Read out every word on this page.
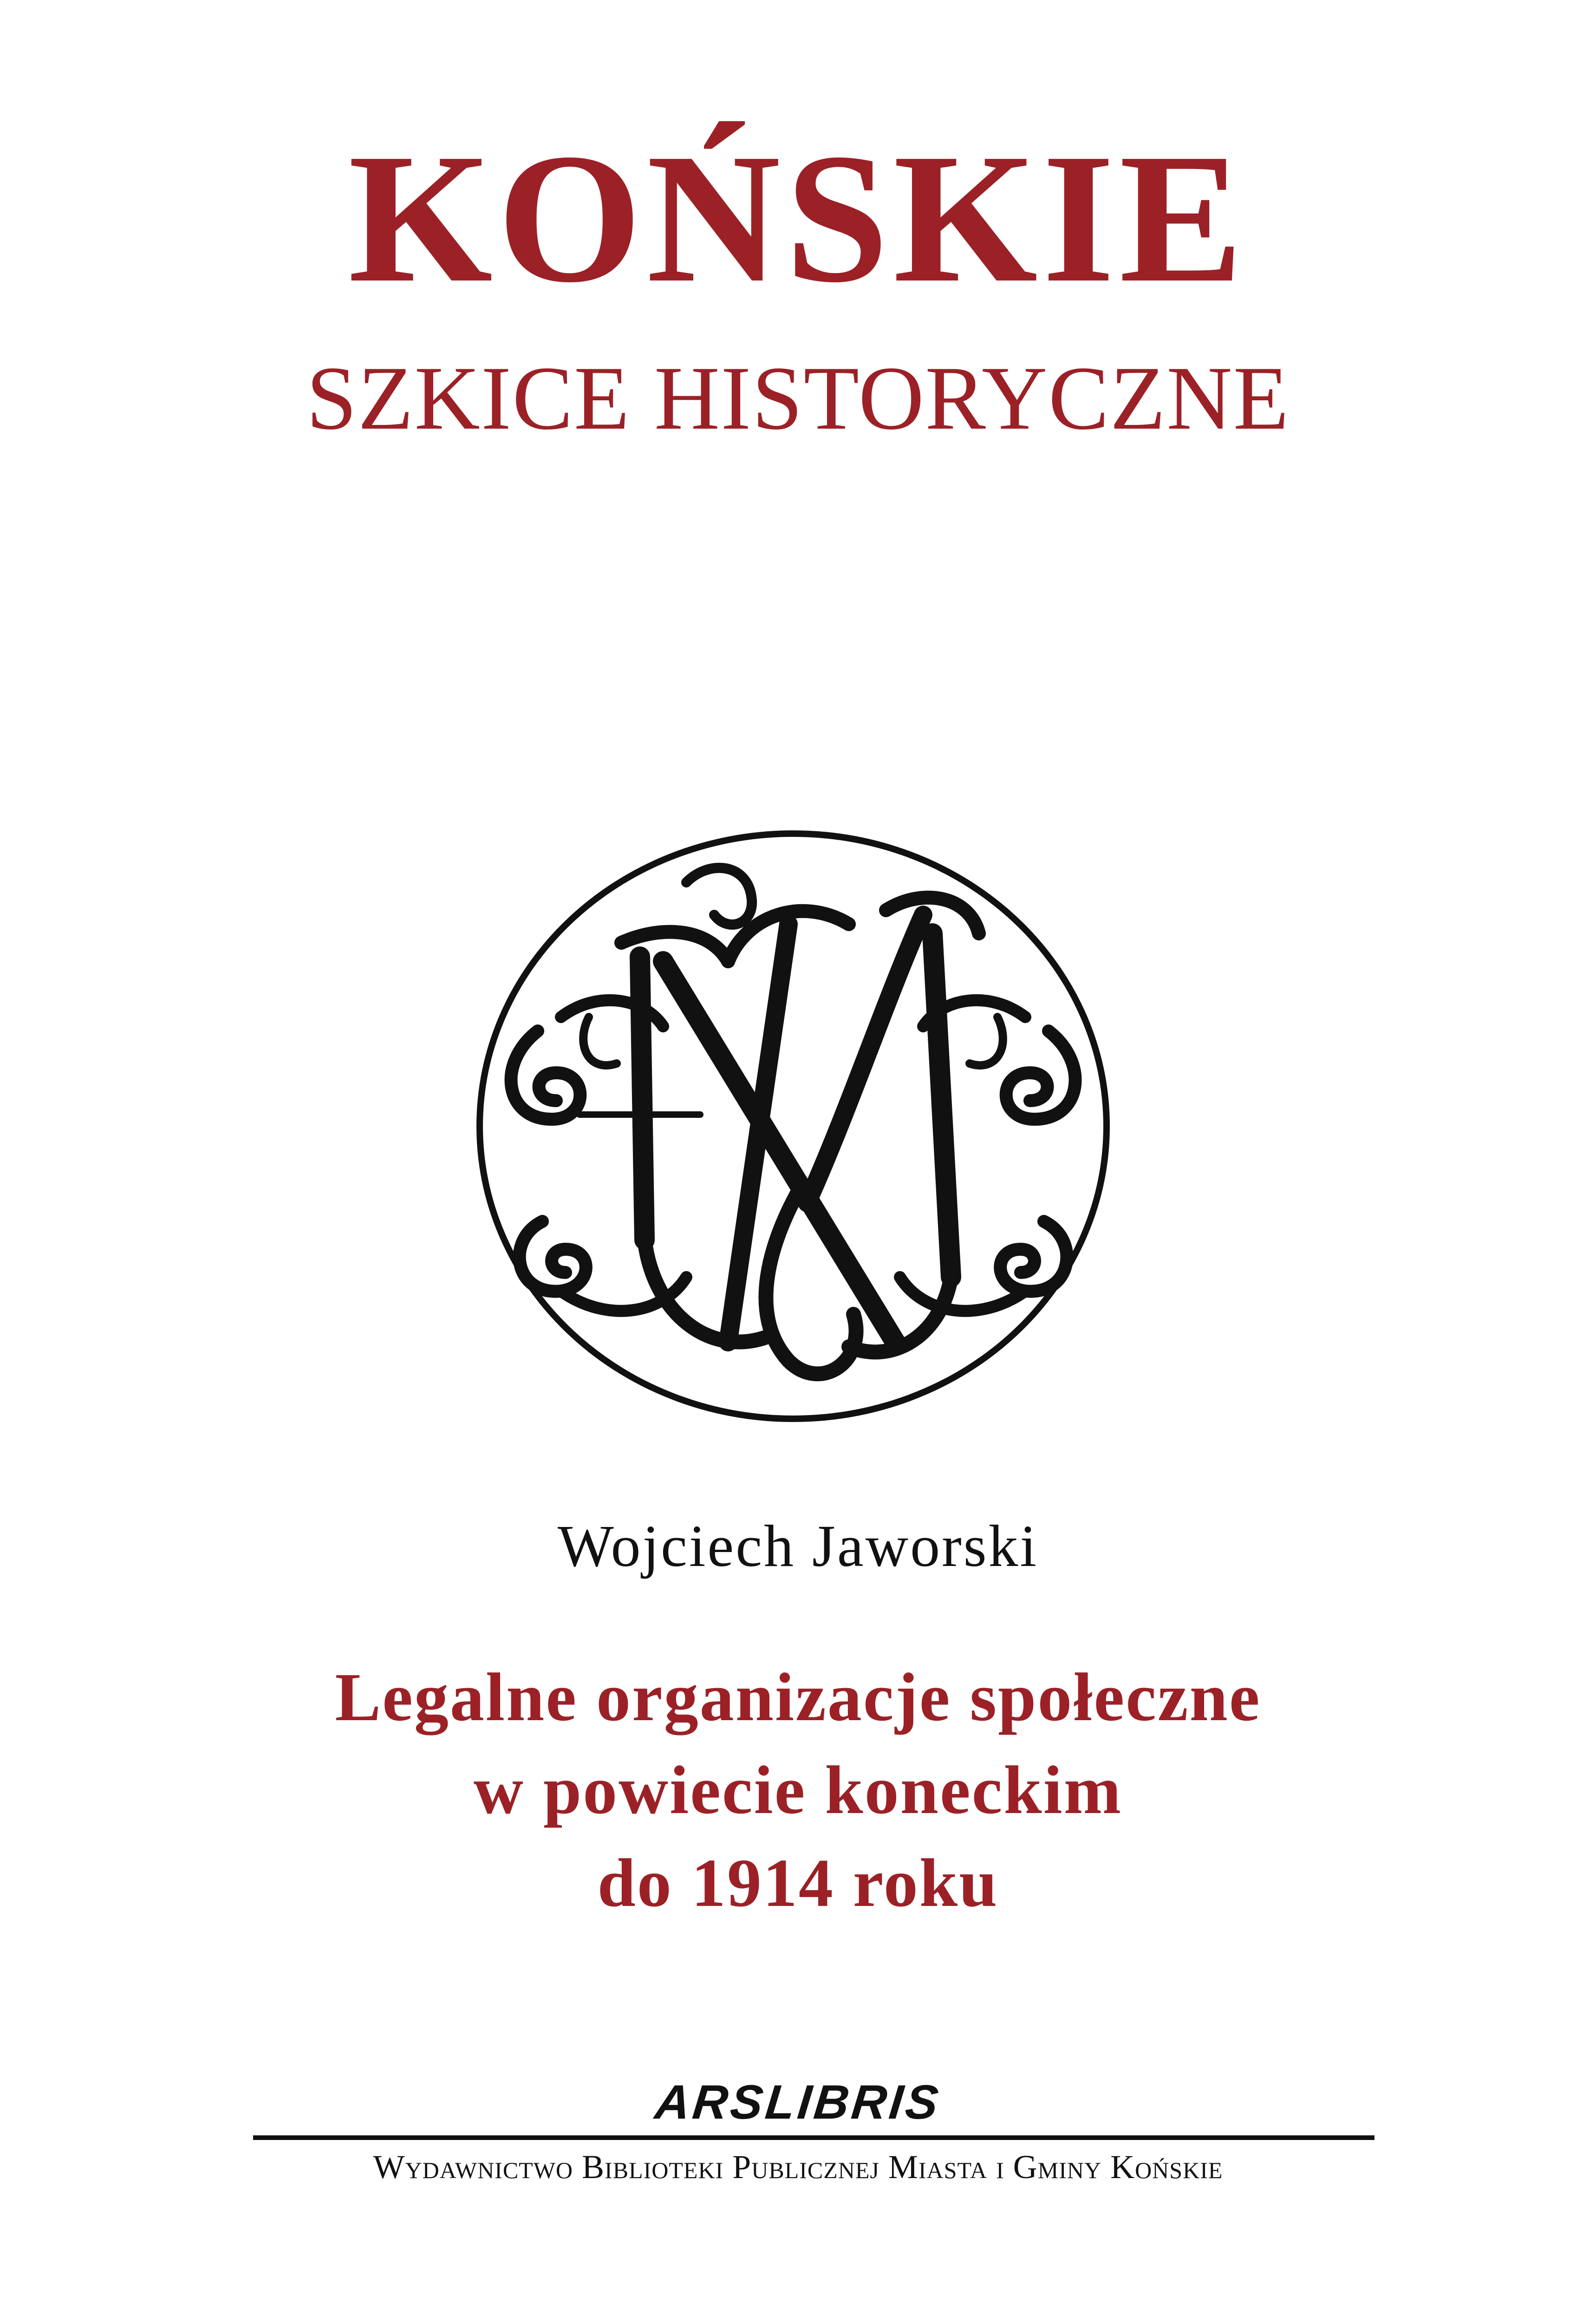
KOŃSKIE
SZKICE HISTORYCZNE
Wojciech Jaworski
Legalne organizacje społeczne
w powiecie koneckim
do 1914 roku
ARSLIBRIS
Wydawnictwo Biblioteki Publicznej Miasta i Gminy Końskie
